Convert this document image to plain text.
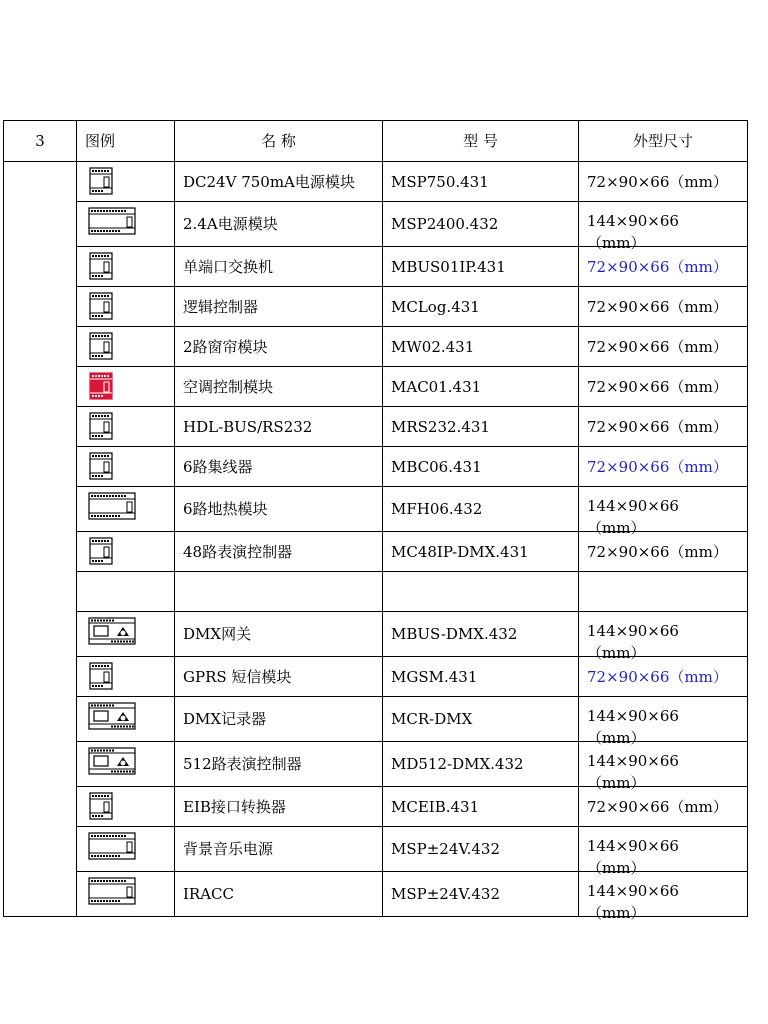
3	图例	名 称	型 号	外型尺寸

	DC24V 750mA电源模块	MSP750.431	72×90×66（mm）

	2.4A电源模块	MSP2400.432	144×90×66（mm）

	单端口交换机	MBUS01IP.431	72×90×66（mm）

	逻辑控制器	MCLog.431	72×90×66（mm）

	2路窗帘模块	MW02.431	72×90×66（mm）

	空调控制模块	MAC01.431	72×90×66（mm）

	HDL-BUS/RS232	MRS232.431	72×90×66（mm）

	6路集线器	MBC06.431	72×90×66（mm）

	6路地热模块	MFH06.432	144×90×66（mm）

	48路表演控制器	MC48IP-DMX.431	72×90×66（mm）

	DMX网关	MBUS-DMX.432	144×90×66（mm）

	GPRS 短信模块	MGSM.431	72×90×66（mm）

	DMX记录器	MCR-DMX	144×90×66（mm）

	512路表演控制器	MD512-DMX.432	144×90×66（mm）

	EIB接口转换器	MCEIB.431	72×90×66（mm）

	背景音乐电源	MSP±24V.432	144×90×66（mm）

	IRACC	MSP±24V.432	144×90×66（mm）
